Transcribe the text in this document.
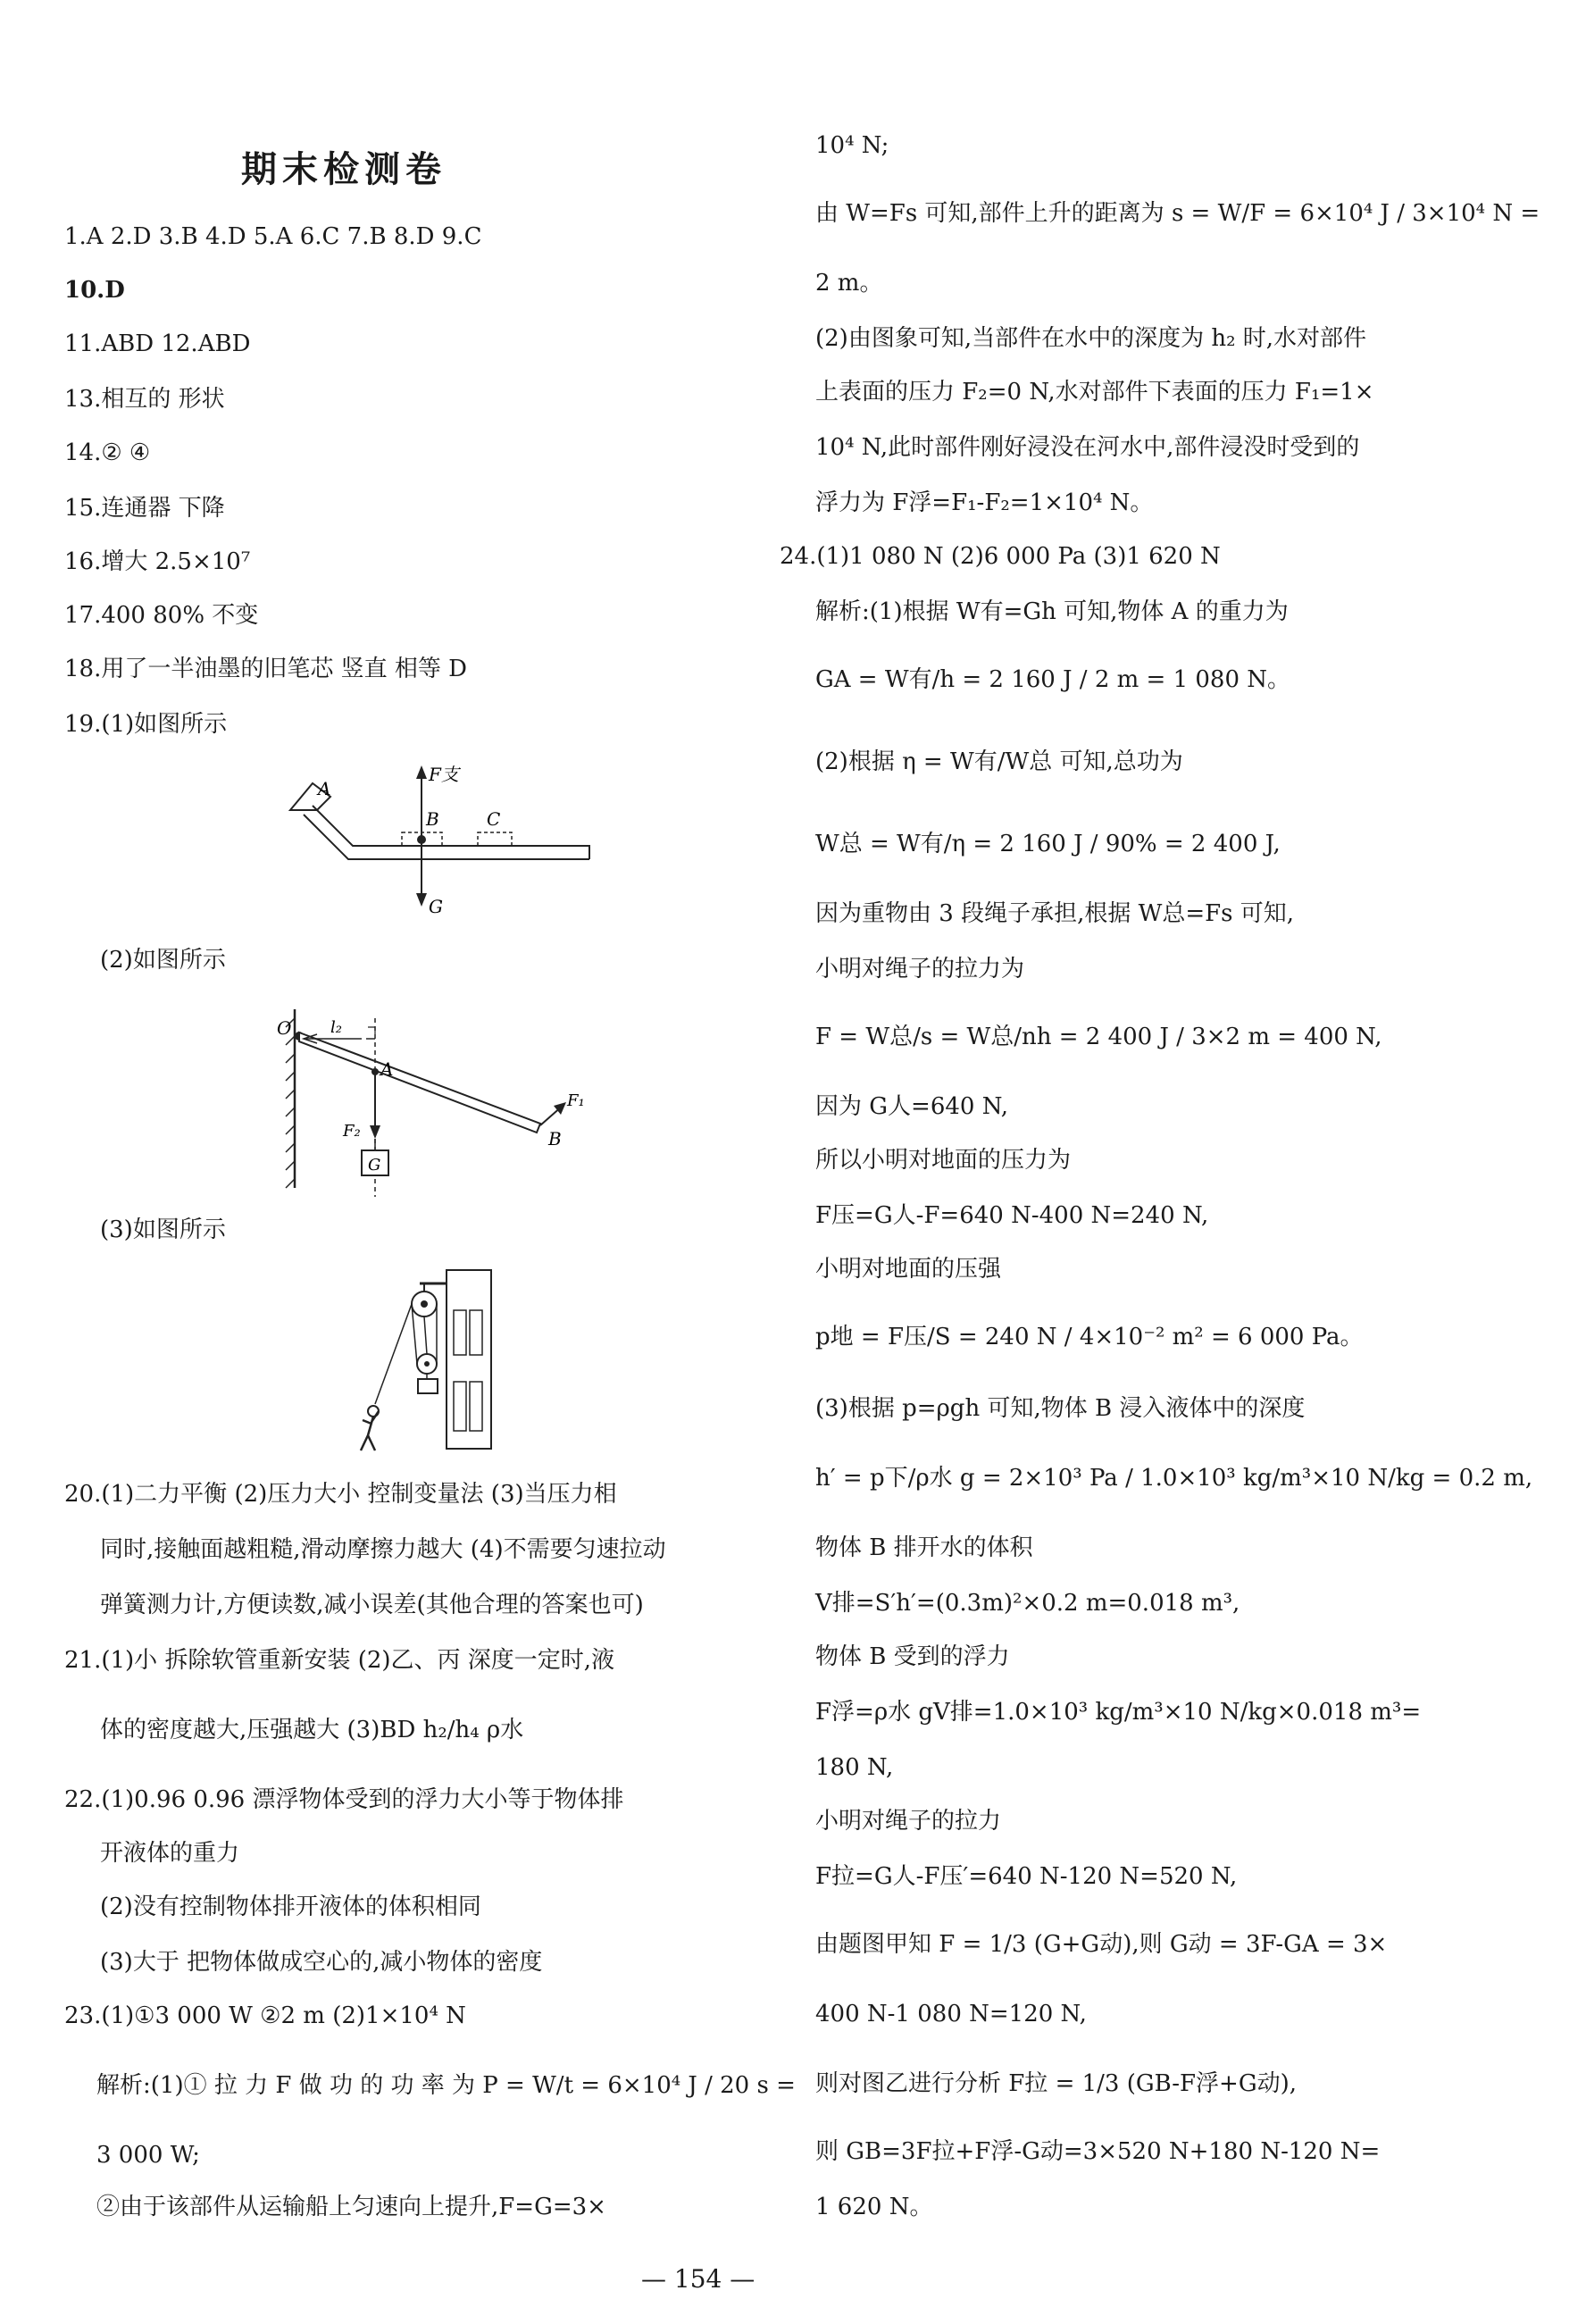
期末检测卷
1.A 2.D 3.B 4.D 5.A 6.C 7.B 8.D 9.C
10.D
11.ABD 12.ABD
13.相互的 形状
14.② ④
15.连通器 下降
16.增大 2.5×10⁷
17.400 80% 不变
18.用了一半油墨的旧笔芯 竖直 相等 D
19.(1)如图所示
A
F支
B	C
G
(2)如图所示
O l₂
A
F₂
G
F₁
B
(3)如图所示
20.(1)二力平衡 (2)压力大小 控制变量法 (3)当压力相
同时,接触面越粗糙,滑动摩擦力越大 (4)不需要匀速拉动
弹簧测力计,方便读数,减小误差(其他合理的答案也可)
21.(1)小 拆除软管重新安装 (2)乙、丙 深度一定时,液
体的密度越大,压强越大 (3)BD h₂/h₄ ρ水
22.(1)0.96 0.96 漂浮物体受到的浮力大小等于物体排
开液体的重力
(2)没有控制物体排开液体的体积相同
(3)大于 把物体做成空心的,减小物体的密度
23.(1)①3 000 W ②2 m (2)1×10⁴ N
解析:(1)① 拉 力 F 做 功 的 功 率 为 P = W/t = 6×10⁴ J / 20 s =
3 000 W;
②由于该部件从运输船上匀速向上提升,F=G=3×
10⁴ N;
由 W=Fs 可知,部件上升的距离为 s = W/F = 6×10⁴ J / 3×10⁴ N =
2 m。
(2)由图象可知,当部件在水中的深度为 h₂ 时,水对部件
上表面的压力 F₂=0 N,水对部件下表面的压力 F₁=1×
10⁴ N,此时部件刚好浸没在河水中,部件浸没时受到的
浮力为 F浮=F₁-F₂=1×10⁴ N。
24.(1)1 080 N (2)6 000 Pa (3)1 620 N
解析:(1)根据 W有=Gh 可知,物体 A 的重力为
GA = W有/h = 2 160 J / 2 m = 1 080 N。
(2)根据 η = W有/W总 可知,总功为
W总 = W有/η = 2 160 J / 90% = 2 400 J,
因为重物由 3 段绳子承担,根据 W总=Fs 可知,
小明对绳子的拉力为
F = W总/s = W总/nh = 2 400 J / 3×2 m = 400 N,
因为 G人=640 N,
所以小明对地面的压力为
F压=G人-F=640 N-400 N=240 N,
小明对地面的压强
p地 = F压/S = 240 N / 4×10⁻² m² = 6 000 Pa。
(3)根据 p=ρgh 可知,物体 B 浸入液体中的深度
h′ = p下/ρ水 g = 2×10³ Pa / 1.0×10³ kg/m³×10 N/kg = 0.2 m,
物体 B 排开水的体积
V排=S′h′=(0.3m)²×0.2 m=0.018 m³,
物体 B 受到的浮力
F浮=ρ水 gV排=1.0×10³ kg/m³×10 N/kg×0.018 m³=
180 N,
小明对绳子的拉力
F拉=G人-F压′=640 N-120 N=520 N,
由题图甲知 F = 1/3 (G+G动),则 G动 = 3F-GA = 3×
400 N-1 080 N=120 N,
则对图乙进行分析 F拉 = 1/3 (GB-F浮+G动),
则 GB=3F拉+F浮-G动=3×520 N+180 N-120 N=
1 620 N。
— 154 —
